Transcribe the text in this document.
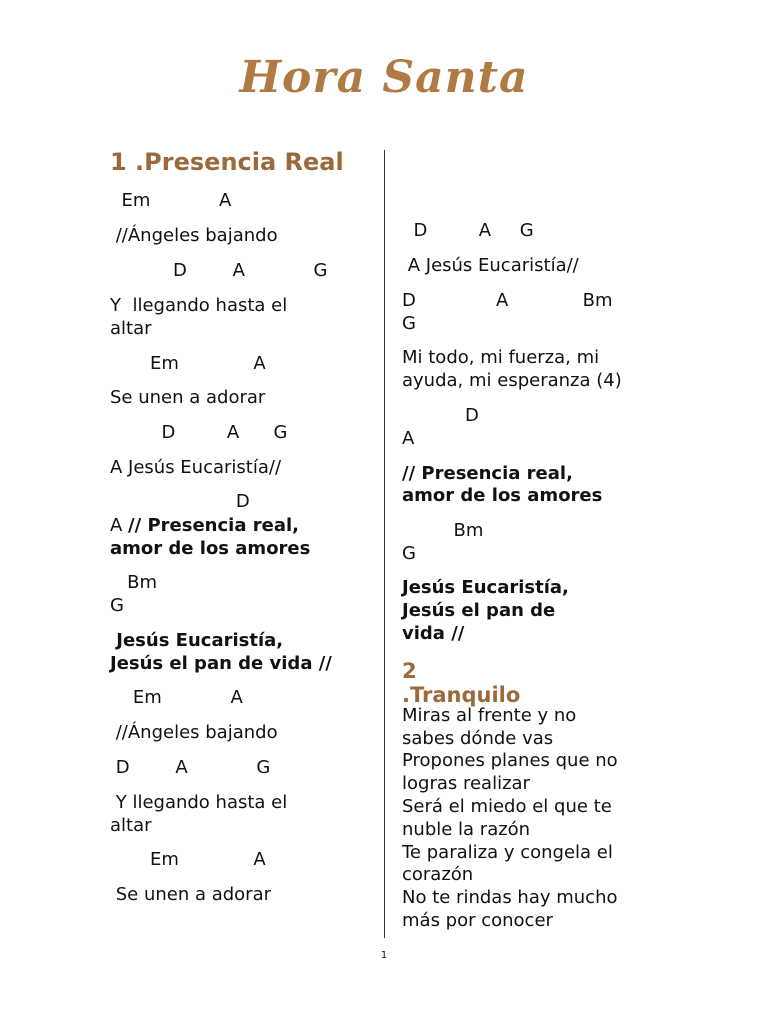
Hora Santa
1 .Presencia Real
Em            A
//Ángeles bajando
D        A            G
Y  llegando hasta el
altar
Em             A
Se unen a adorar
D         A      G
A Jesús Eucaristía//
D
A // Presencia real,
amor de los amores
Bm
G
Jesús Eucaristía,
Jesús el pan de vida //
Em            A
//Ángeles bajando
D        A            G
Y llegando hasta el
altar
Em             A
Se unen a adorar
D         A     G
A Jesús Eucaristía//
D              A             Bm
G
Mi todo, mi fuerza, mi
ayuda, mi esperanza (4)
D
A
// Presencia real,
amor de los amores
Bm
G
Jesús Eucaristía,
Jesús el pan de
vida //
2 .Tranquilo
Miras al frente y no
sabes dónde vas
Propones planes que no
logras realizar
Será el miedo el que te
nuble la razón
Te paraliza y congela el
corazón
No te rindas hay mucho
más por conocer
1
